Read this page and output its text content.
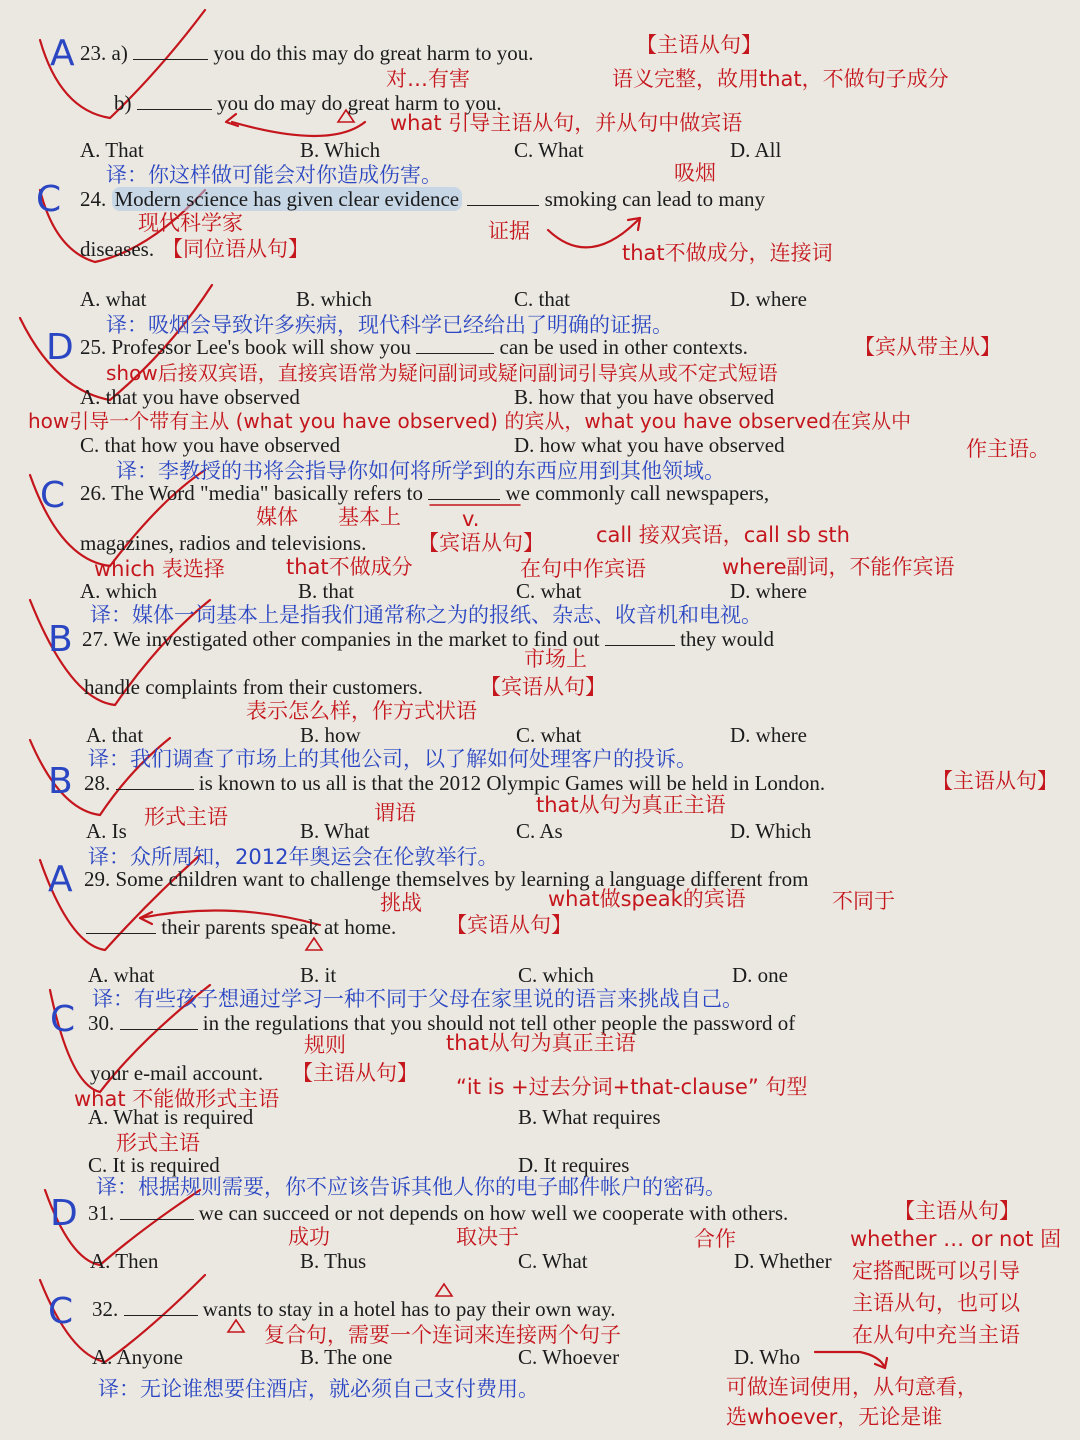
A
C
D
C
B
B
A
C
D
C
23. a)	you do this may do great harm to you.	【主语从句】
对…有害	语义完整，故用that，不做句子成分
b)	you do may do great harm to you.
what 引导主语从句，并从句中做宾语
A. That	B. Which	C. What	D. All
译：你这样做可能会对你造成伤害。	吸烟
24. Modern science has given clear evidence	smoking can lead to many
现代科学家	证据
diseases. 【同位语从句】	that不做成分，连接词
A. what	B. which	C. that	D. where
译：吸烟会导致许多疾病，现代科学已经给出了明确的证据。
25. Professor Lee's book will show you	can be used in other contexts.	【宾从带主从】
show后接双宾语，直接宾语常为疑问副词或疑问副词引导宾从或不定式短语
A. that you have observed	B. how that you have observed
how引导一个带有主从 (what you have observed) 的宾从，what you have observed在宾从中
C. that how you have observed	D. how what you have observed	作主语。
译：李教授的书将会指导你如何将所学到的东西应用到其他领域。
26. The Word "media" basically refers to	we commonly call newspapers,
媒体 基本上	v.
magazines, radios and televisions. 【宾语从句】 call 接双宾语，call sb sth
which 表选择	that不做成分	在句中作宾语	where副词，不能作宾语
A. which	B. that	C. what	D. where
译：媒体一词基本上是指我们通常称之为的报纸、杂志、收音机和电视。
27. We investigated other companies in the market to find out	they would
市场上
handle complaints from their customers.	【宾语从句】
表示怎么样，作方式状语
A. that	B. how	C. what	D. where
译：我们调查了市场上的其他公司，以了解如何处理客户的投诉。
28.	is known to us all is that the 2012 Olympic Games will be held in London.	【主语从句】
that从句为真正主语
形式主语	谓语
A. Is	B. What	C. As	D. Which
译：众所周知，2012年奥运会在伦敦举行。
29. Some children want to challenge themselves by learning a language different from
挑战	what做speak的宾语	不同于
their parents speak at home. 【宾语从句】
A. what	B. it	C. which	D. one
译：有些孩子想通过学习一种不同于父母在家里说的语言来挑战自己。
30.	in the regulations that you should not tell other people the password of
规则	that从句为真正主语
your e-mail account. 【主语从句】
“it is +过去分词+that-clause” 句型
what 不能做形式主语
A. What is required	B. What requires
形式主语
C. It is required	D. It requires
译：根据规则需要，你不应该告诉其他人你的电子邮件帐户的密码。
31.	we can succeed or not depends on how well we cooperate with others.	【主语从句】
成功	取决于	合作
A. Then	B. Thus	C. What	D. Whether
whether … or not 固
定搭配既可以引导
主语从句，也可以
在从句中充当主语
32.	wants to stay in a hotel has to pay their own way.
复合句，需要一个连词来连接两个句子
A. Anyone	B. The one	C. Whoever	D. Who
译：无论谁想要住酒店，就必须自己支付费用。	可做连词使用，从句意看，
选whoever，无论是谁
